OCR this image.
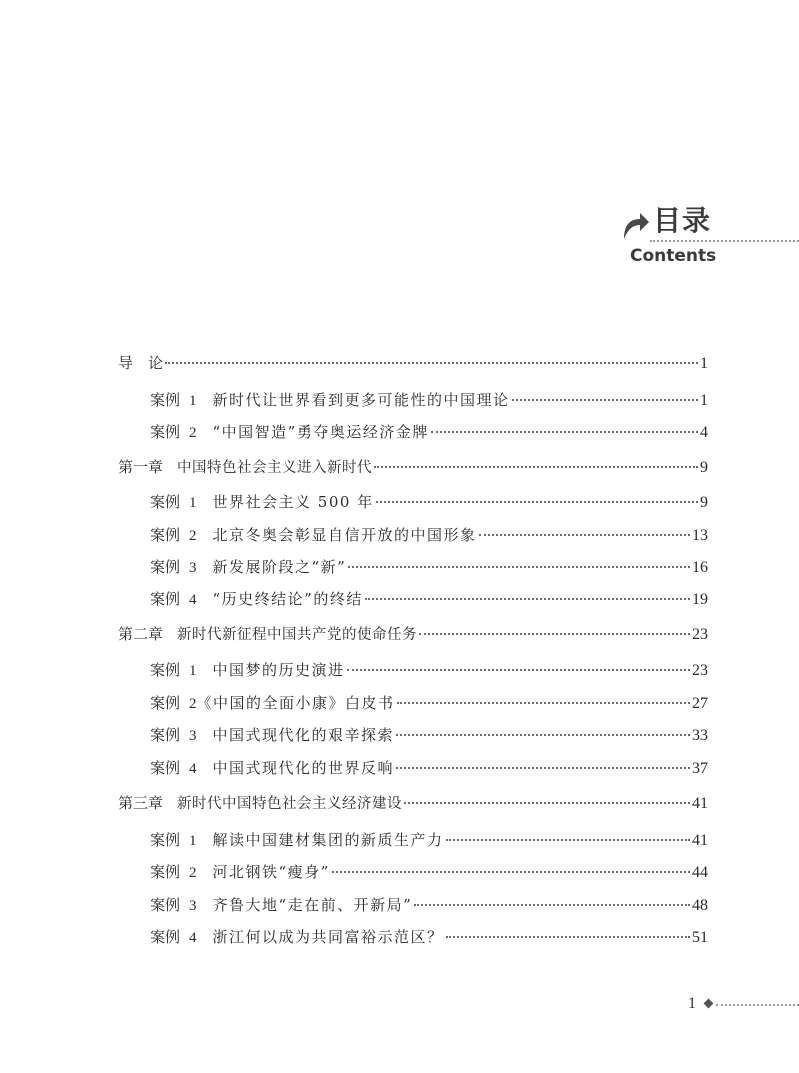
目录
Contents
导　论	1
案例 1 新时代让世界看到更多可能性的中国理论	1
案例 2 “中国智造”勇夺奥运经济金牌	4
第一章 中国特色社会主义进入新时代	9
案例 1 世界社会主义 500 年	9
案例 2 北京冬奥会彰显自信开放的中国形象	13
案例 3 新发展阶段之“新”	16
案例 4 “历史终结论”的终结	19
第二章 新时代新征程中国共产党的使命任务	23
案例 1 中国梦的历史演进	23
案例 2 《中国的全面小康》白皮书	27
案例 3 中国式现代化的艰辛探索	33
案例 4 中国式现代化的世界反响	37
第三章 新时代中国特色社会主义经济建设	41
案例 1 解读中国建材集团的新质生产力	41
案例 2 河北钢铁“瘦身”	44
案例 3 齐鲁大地“走在前、开新局”	48
案例 4 浙江何以成为共同富裕示范区？	51
1
